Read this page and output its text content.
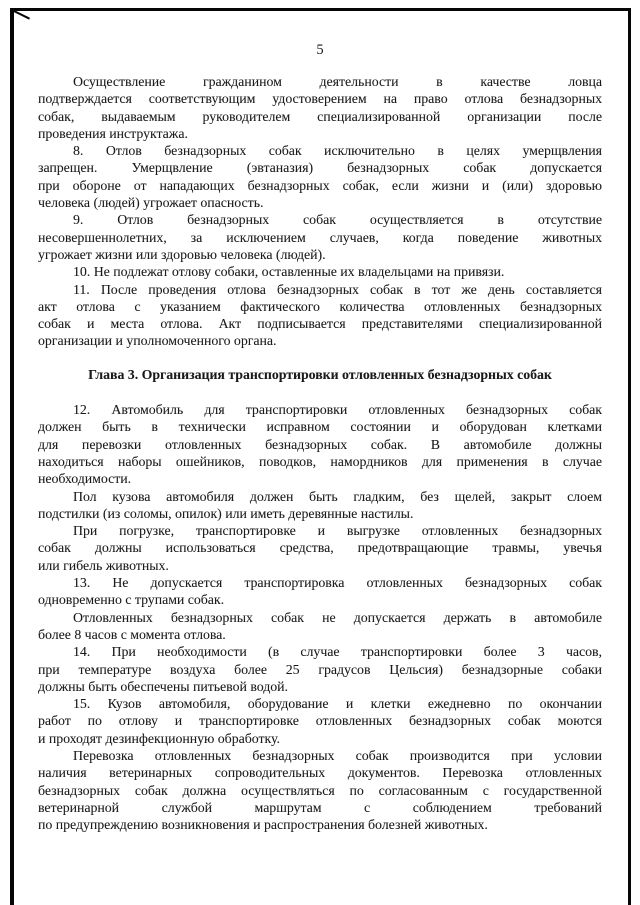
5
Осуществление гражданином деятельности в качестве ловца
подтверждается соответствующим удостоверением на право отлова безнадзорных
собак, выдаваемым руководителем специализированной организации после
проведения инструктажа.
8. Отлов безнадзорных собак исключительно в целях умерщвления
запрещен. Умерщвление (эвтаназия) безнадзорных собак допускается
при обороне от нападающих безнадзорных собак, если жизни и (или) здоровью
человека (людей) угрожает опасность.
9. Отлов безнадзорных собак осуществляется в отсутствие
несовершеннолетних, за исключением случаев, когда поведение животных
угрожает жизни или здоровью человека (людей).
10. Не подлежат отлову собаки, оставленные их владельцами на привязи.
11. После проведения отлова безнадзорных собак в тот же день составляется
акт отлова с указанием фактического количества отловленных безнадзорных
собак и места отлова. Акт подписывается представителями специализированной
организации и уполномоченного органа.
Глава 3. Организация транспортировки отловленных безнадзорных собак
12. Автомобиль для транспортировки отловленных безнадзорных собак
должен быть в технически исправном состоянии и оборудован клетками
для перевозки отловленных безнадзорных собак. В автомобиле должны
находиться наборы ошейников, поводков, намордников для применения в случае
необходимости.
Пол кузова автомобиля должен быть гладким, без щелей, закрыт слоем
подстилки (из соломы, опилок) или иметь деревянные настилы.
При погрузке, транспортировке и выгрузке отловленных безнадзорных
собак должны использоваться средства, предотвращающие травмы, увечья
или гибель животных.
13. Не допускается транспортировка отловленных безнадзорных собак
одновременно с трупами собак.
Отловленных безнадзорных собак не допускается держать в автомобиле
более 8 часов с момента отлова.
14. При необходимости (в случае транспортировки более 3 часов,
при температуре воздуха более 25 градусов Цельсия) безнадзорные собаки
должны быть обеспечены питьевой водой.
15. Кузов автомобиля, оборудование и клетки ежедневно по окончании
работ по отлову и транспортировке отловленных безнадзорных собак моются
и проходят дезинфекционную обработку.
Перевозка отловленных безнадзорных собак производится при условии
наличия ветеринарных сопроводительных документов. Перевозка отловленных
безнадзорных собак должна осуществляться по согласованным с государственной
ветеринарной службой маршрутам с соблюдением требований
по предупреждению возникновения и распространения болезней животных.
